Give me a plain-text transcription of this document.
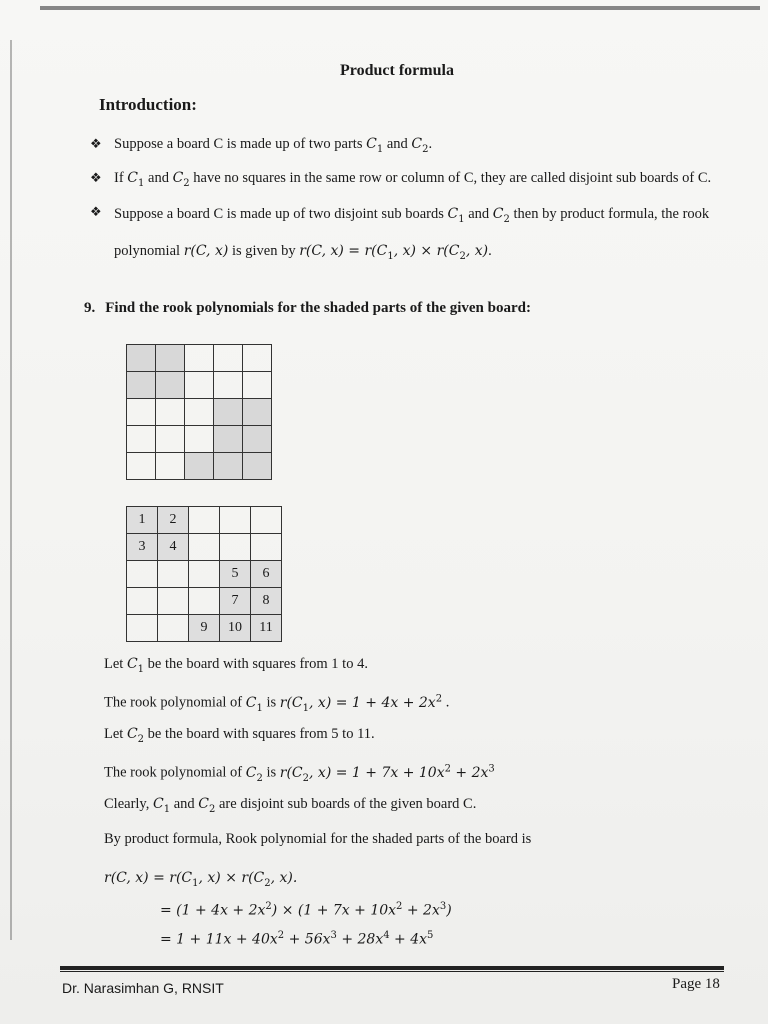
Product formula
Introduction:
❖ Suppose a board C is made up of two parts $C_1$ and $C_2$.
❖ If $C_1$ and $C_2$ have no squares in the same row or column of C, they are called disjoint sub boards of C.
❖ Suppose a board C is made up of two disjoint sub boards $C_1$ and $C_2$ then by product formula, the rook polynomial r(C, x) is given by r(C, $x) = r(C_1$, $x) \times r(C_2$, x).
9. Find the rook polynomials for the shaded parts of the given board:

1	2			
3	4			
			5	6
			7	8
		9	10	11
Let $C_1$ be the board with squares from 1 to 4.
The rook polynomial of $C_1$ is $r(C_1$, $x) = 1 + 4x + 2x^2$ .
Let $C_2$ be the board with squares from 5 to 11.
The rook polynomial of $C_2$ is $r(C_2$, $x) = 1 + 7x + 10x^2 + 2x^3$
Clearly, $C_1$ and $C_2$ are disjoint sub boards of the given board C.
By product formula, Rook polynomial for the shaded parts of the board is
r(C, $x) = r(C_1$, $x) \times r(C_2$, x).
= $(1 + 4x + 2x^2) \times (1 + 7x + 10x^2 + 2x^3)$
= $1 + 11x + 40x^2 + 56x^3 + 28x^4 + 4x^5$
Dr. Narasimhan G, RNSIT	Page 18
